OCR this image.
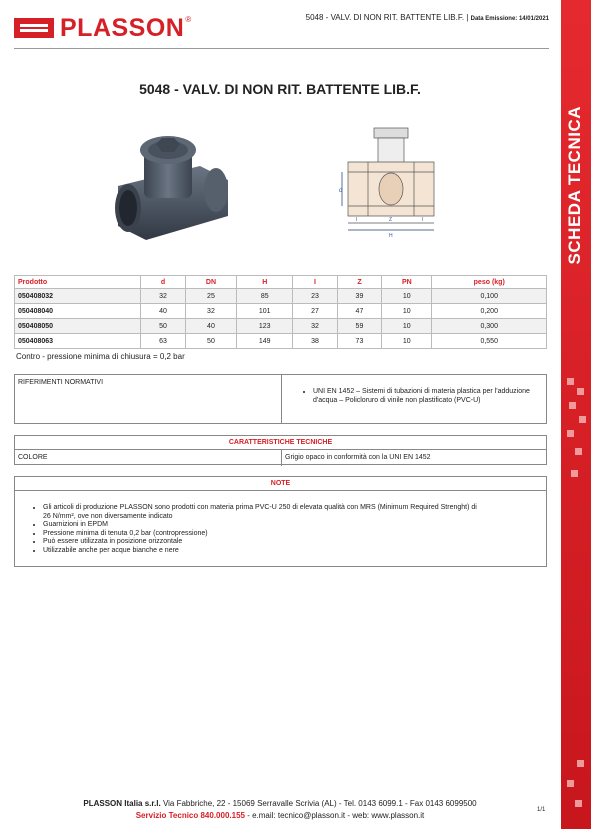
PLASSON ®	5048 - VALV. DI NON RIT. BATTENTE LIB.F. | Data Emissione: 14/01/2021
5048 - VALV. DI NON RIT. BATTENTE LIB.F.
d
I	Z	I
H
Prodotto	d	DN	H	I	Z	PN	peso (kg)
050408032	32	25	85	23	39	10	0,100
050408040	40	32	101	27	47	10	0,200
050408050	50	40	123	32	59	10	0,300
050408063	63	50	149	38	73	10	0,550
Contro - pressione minima di chiusura = 0,2 bar
RIFERIMENTI NORMATIVI
• UNI EN 1452 – Sistemi di tubazioni di materia plastica per l'adduzione d'acqua – Policloruro di vinile non plastificato (PVC-U)
CARATTERISTICHE TECNICHE
COLORE	Grigio opaco in conformità con la UNI EN 1452
NOTE
• Gli articoli di produzione PLASSON sono prodotti con materia prima PVC-U 250 di elevata qualità con MRS (Minimum Required Strenght) di 26 N/mm², ove non diversamente indicato
• Guarnizioni in EPDM
• Pressione minima di tenuta 0,2 bar (contropressione)
• Può essere utilizzata in posizione orizzontale
• Utilizzabile anche per acque bianche e nere
PLASSON Italia s.r.l. Via Fabbriche, 22 - 15069 Serravalle Scrivia (AL) - Tel. 0143 6099.1 - Fax 0143 6099500
Servizio Tecnico 840.000.155 - e.mail: tecnico@plasson.it - web: www.plasson.it
1/1
SCHEDA TECNICA
